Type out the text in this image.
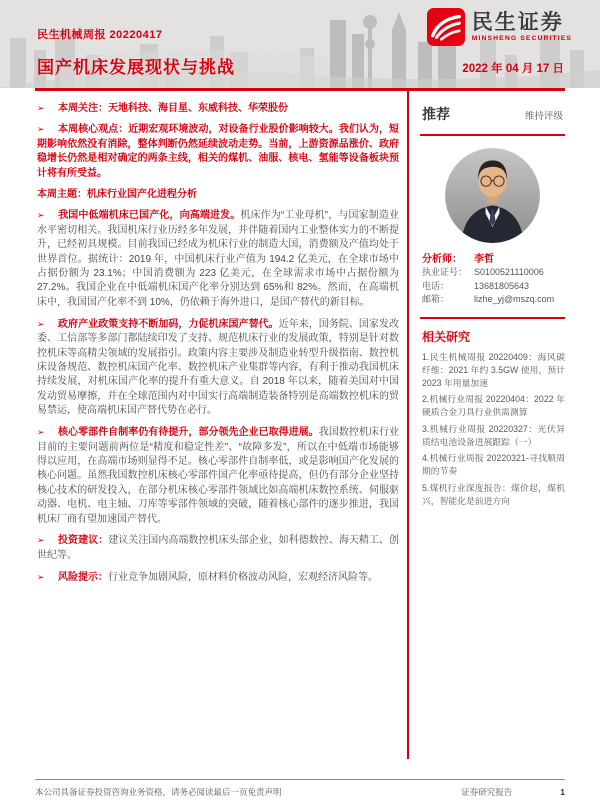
民生证券
MINSHENG SECURITIES
民生机械周报 20220417
国产机床发展现状与挑战	2022 年 04 月 17 日

➢ 本周关注：天地科技、海目星、东威科技、华荣股份

➢ 本周核心观点：近期宏观环境波动，对设备行业股价影响较大。我们认为，短期影响依然没有消除，整体判断仍然延续波动走势。当前，上游资源品涨价、政府稳增长仍然是相对确定的两条主线，相关的煤机、油服、核电、氢能等设备板块预计将有所受益。

本周主题：机床行业国产化进程分析

➢ 我国中低端机床已国产化，向高端进发。机床作为“工业母机”，与国家制造业水平密切相关。我国机床行业历经多年发展，并伴随着国内工业整体实力的不断提升，已经初具规模。目前我国已经成为机床行业的制造大国，消费额及产值均处于世界首位。据统计：2019 年，中国机床行业产值为 194.2 亿美元，在全球市场中占据份额为 23.1%；中国消费额为 223 亿美元，在全球需求市场中占据份额为 27.2%。我国企业在中低端机床国产化率分别达到 65%和 82%。然而，在高端机床中，我国国产化率不到 10%，仍依赖于海外进口，是国产替代的新目标。

➢ 政府产业政策支持不断加码，力促机床国产替代。近年来，国务院、国家发改委、工信部等多部门都陆续印发了支持、规范机床行业的发展政策，特别是针对数控机床等高精尖领域的发展指引。政策内容主要涉及制造业转型升级指南、数控机床设备规范、数控机床国产化率、数控机床产业集群等内容，有利于推动我国机床持续发展，对机床国产化率的提升有重大意义。自 2018 年以来，随着美国对中国发动贸易摩擦，并在全球范围内对中国实行高端制造装备特别是高端数控机床的贸易禁运，使高端机床国产替代势在必行。

➢ 核心零部件自制率仍有待提升，部分领先企业已取得进展。我国数控机床行业目前的主要问题前两位是“精度和稳定性差”、“故障多发”，所以在中低端市场能够得以应用，在高端市场则显得不足。核心零部件自制率低，或是影响国产化发展的核心问题。虽然我国数控机床核心零部件国产化率亟待提高，但仍有部分企业坚持核心技术的研发投入，在部分机床核心零部件领域比如高端机床数控系统、伺服驱动器、电机、电主轴、刀库等零部件领域的突破，随着核心部件的逐步推进，我国机床厂商有望加速国产替代。

➢ 投资建议：建议关注国内高端数控机床头部企业，如科德数控、海天精工、创世纪等。

➢ 风险提示：行业竞争加剧风险，原材料价格波动风险，宏观经济风险等。

推荐	维持评级
分析师：	李哲
执业证号： S0100521110006
电话：	13681805643
邮箱：	lizhe_yj@mszq.com
相关研究
1.民生机械周报 20220409：海风碳纤维：2021 年约 3.5GW 使用，预计 2023 年用量加速
2.机械行业周报 20220404：2022 年硬质合金刀具行业供需测算
3.机械行业周报 20220327：光伏异质结电池设备进展跟踪（一）
4.机械行业周报 20220321-寻找顺周期的节奏
5.煤机行业深度报告：煤价起，煤机兴，智能化是前进方向
本公司具备证券投资咨询业务资格，请务必阅读最后一页免责声明	证券研究报告	1
